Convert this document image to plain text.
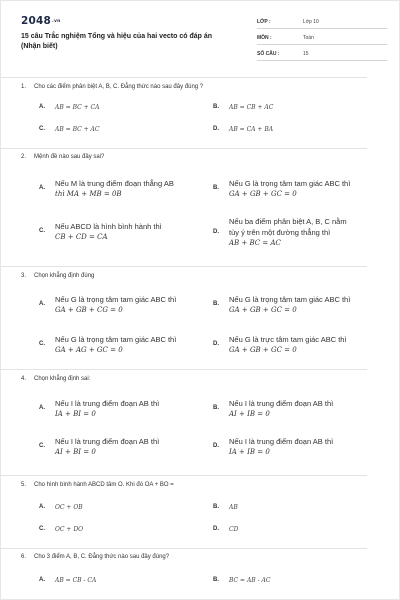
2048.vn
15 câu Trắc nghiệm Tổng và hiệu của hai vecto có đáp án
(Nhận biết)
LỚP :	Lớp 10
MÔN :	Toán
SỐ CÂU :	15
1. Cho các điểm phân biệt A, B, C. Đẳng thức nào sau đây đúng ?
A. AB = BC + CA	B. AB = CB + AC
C. AB = BC + AC	D. AB = CA + BA
2. Mệnh đề nào sau đây sai?
A. Nếu M là trung điểm đoạn thẳng AB
thì MA + MB = 0B
B. Nếu G là trọng tâm tam giác ABC thì
GA + GB + GC = 0
C. Nếu ABCD là hình bình hành thì
CB + CD = CA
D.
Nếu ba điểm phân biệt A, B, C nằm
tùy ý trên một đường thẳng thì
AB + BC = AC
3. Chọn khẳng định đúng
A. Nếu G là trọng tâm tam giác ABC thì
GA + GB + CG = 0
B. Nếu G là trọng tâm tam giác ABC thì
GA + GB + GC = 0
C. Nếu G là trọng tâm tam giác ABC thì
GA + AG + GC = 0
D. Nếu G là trực tâm tam giác ABC thì
GA + GB + GC = 0
4. Chọn khẳng định sai:
A. Nếu I là trung điểm đoạn AB thì
IA + BI = 0
B. Nếu I là trung điểm đoạn AB thì
AI + IB = 0
C. Nếu I là trung điểm đoạn AB thì
AI + BI = 0
D. Nếu I là trung điểm đoạn AB thì
IA + IB = 0
5. Cho hình bình hành ABCD tâm O. Khi đó OA + BO =
A. OC + OB	B. AB
C. OC + DO	D. CD
6. Cho 3 điểm A, B, C. Đẳng thức nào sau đây đúng?
A. AB = CB - CA	B. BC = AB - AC
